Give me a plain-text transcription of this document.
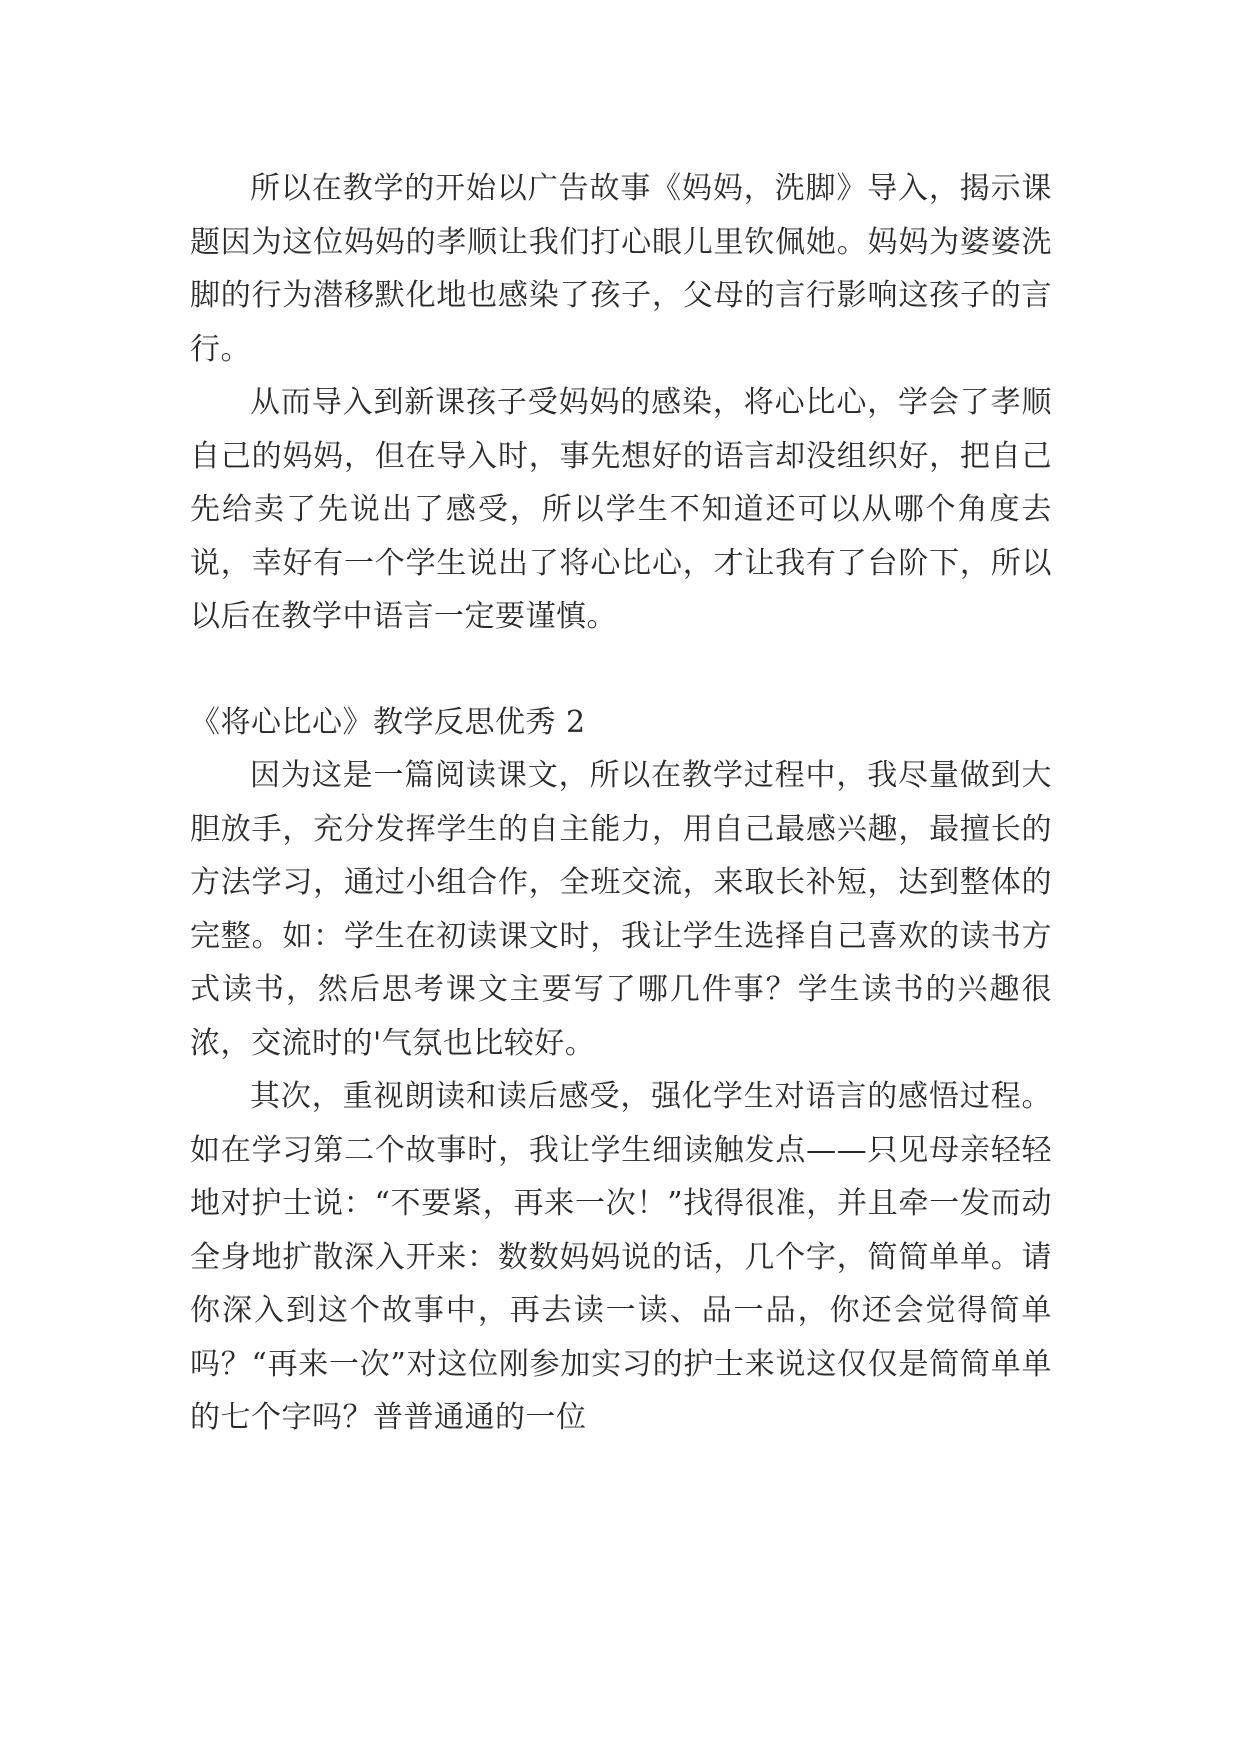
所以在教学的开始以广告故事《妈妈，洗脚》导入，揭示课题因为这位妈妈的孝顺让我们打心眼儿里钦佩她。妈妈为婆婆洗脚的行为潜移默化地也感染了孩子，父母的言行影响这孩子的言行。

从而导入到新课孩子受妈妈的感染，将心比心，学会了孝顺自己的妈妈，但在导入时，事先想好的语言却没组织好，把自己先给卖了先说出了感受，所以学生不知道还可以从哪个角度去说，幸好有一个学生说出了将心比心，才让我有了台阶下，所以以后在教学中语言一定要谨慎。

《将心比心》教学反思优秀 2

因为这是一篇阅读课文，所以在教学过程中，我尽量做到大胆放手，充分发挥学生的自主能力，用自己最感兴趣，最擅长的方法学习，通过小组合作，全班交流，来取长补短，达到整体的完整。如：学生在初读课文时，我让学生选择自己喜欢的读书方式读书，然后思考课文主要写了哪几件事？学生读书的兴趣很浓，交流时的'气氛也比较好。

其次，重视朗读和读后感受，强化学生对语言的感悟过程。如在学习第二个故事时，我让学生细读触发点——只见母亲轻轻地对护士说：“不要紧，再来一次！”找得很准，并且牵一发而动全身地扩散深入开来：数数妈妈说的话，几个字，简简单单。请你深入到这个故事中，再去读一读、品一品，你还会觉得简单吗？“再来一次”对这位刚参加实习的护士来说这仅仅是简简单单的七个字吗？普普通通的一位
